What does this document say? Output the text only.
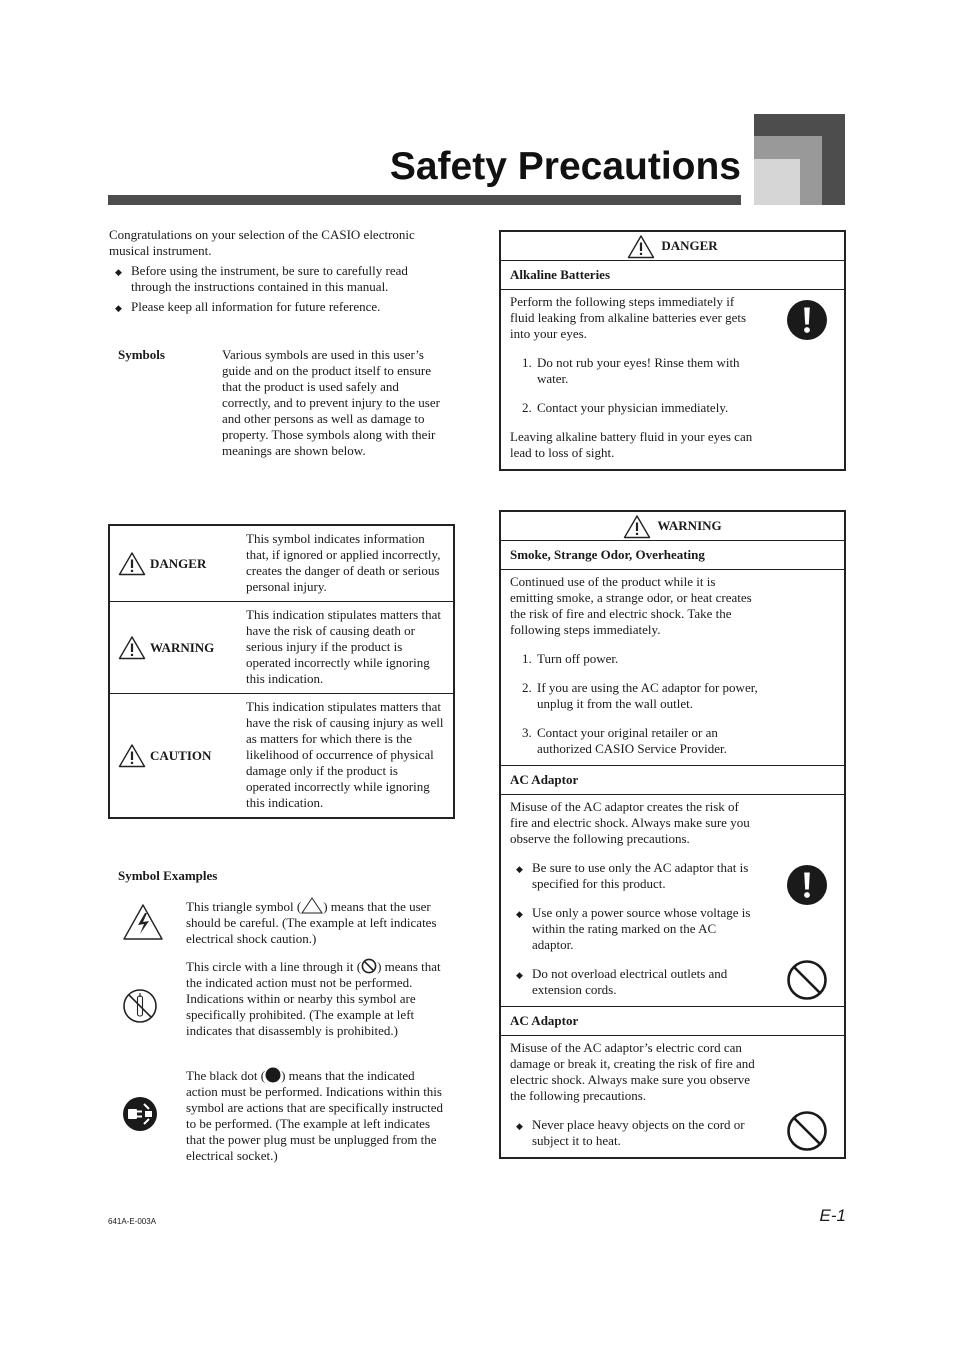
Safety Precautions

Congratulations on your selection of the CASIO electronic musical instrument.

◆ Before using the instrument, be sure to carefully read through the instructions contained in this manual.
◆ Please keep all information for future reference.
Symbols	Various symbols are used in this user’s guide and on the product itself to ensure that the product is used safely and correctly, and to prevent injury to the user and other persons as well as damage to property. Those symbols along with their meanings are shown below.
DANGER
This symbol indicates information that, if ignored or applied incorrectly, creates the danger of death or serious personal injury.
WARNING
This indication stipulates matters that have the risk of causing death or serious injury if the product is operated incorrectly while ignoring this indication.
CAUTION
This indication stipulates matters that have the risk of causing injury as well as matters for which there is the likelihood of occurrence of physical damage only if the product is operated incorrectly while ignoring this indication.
Symbol Examples
This triangle symbol ( ) means that the user should be careful. (The example at left indicates electrical shock caution.)
This circle with a line through it ( ) means that the indicated action must not be performed. Indications within or nearby this symbol are specifically prohibited. (The example at left indicates that disassembly is prohibited.)
The black dot ( ) means that the indicated action must be performed. Indications within this symbol are actions that are specifically instructed to be performed. (The example at left indicates that the power plug must be unplugged from the electrical socket.)
DANGER
Alkaline Batteries

Perform the following steps immediately if fluid leaking from alkaline batteries ever gets into your eyes.

1. Do not rub your eyes! Rinse them with water.
2. Contact your physician immediately.

Leaving alkaline battery fluid in your eyes can lead to loss of sight.

WARNING
Smoke, Strange Odor, Overheating

Continued use of the product while it is emitting smoke, a strange odor, or heat creates the risk of fire and electric shock. Take the following steps immediately.

1. Turn off power.
2. If you are using the AC adaptor for power, unplug it from the wall outlet.
3. Contact your original retailer or an authorized CASIO Service Provider.
AC Adaptor

Misuse of the AC adaptor creates the risk of fire and electric shock. Always make sure you observe the following precautions.

◆ Be sure to use only the AC adaptor that is specified for this product.
◆ Use only a power source whose voltage is within the rating marked on the AC adaptor.
◆ Do not overload electrical outlets and extension cords.
AC Adaptor

Misuse of the AC adaptor’s electric cord can damage or break it, creating the risk of fire and electric shock. Always make sure you observe the following precautions.

◆ Never place heavy objects on the cord or subject it to heat.
641A-E-003A	E-1
